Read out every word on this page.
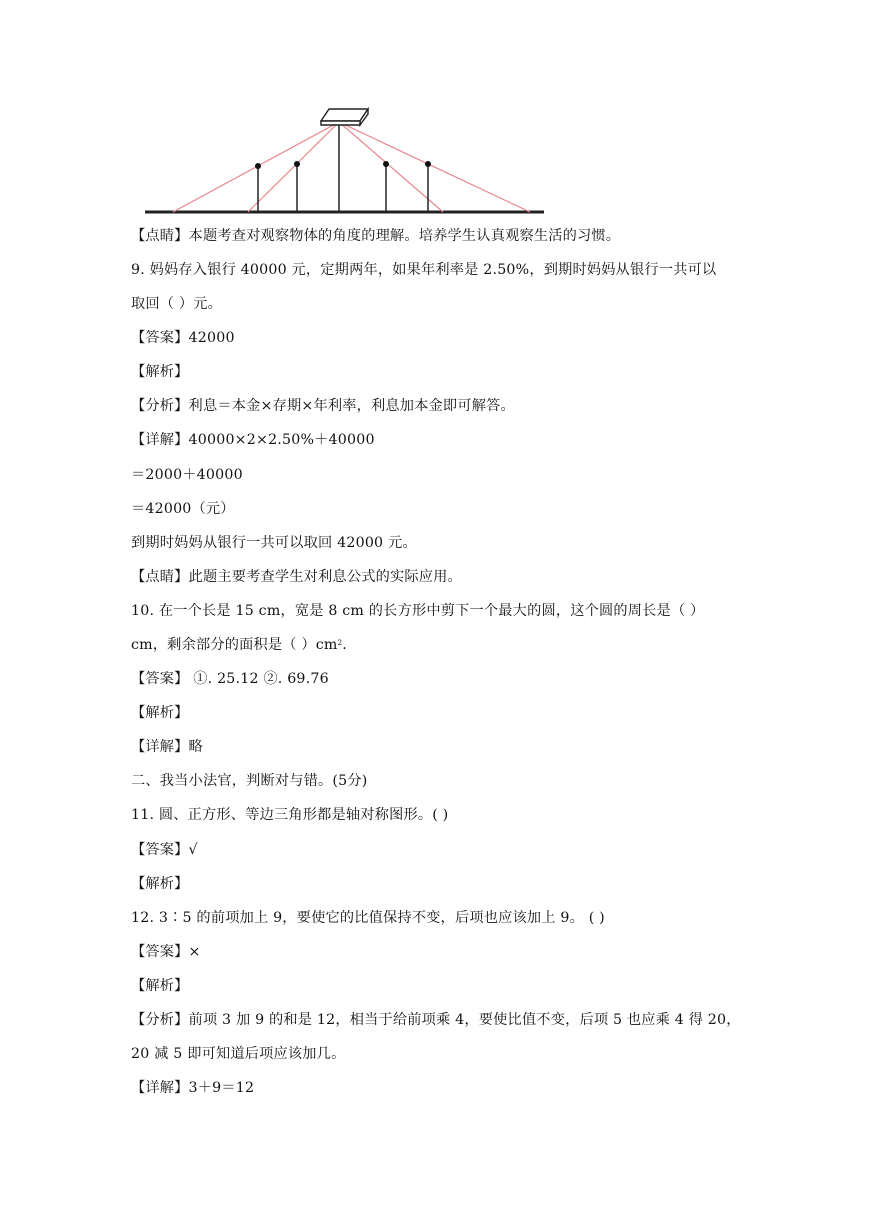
【点睛】本题考查对观察物体的角度的理解。培养学生认真观察生活的习惯。
9. 妈妈存入银行 40000 元，定期两年，如果年利率是 2.50%，到期时妈妈从银行一共可以
取回（ ）元。
【答案】42000
【解析】
【分析】利息＝本金×存期×年利率，利息加本金即可解答。
【详解】40000×2×2.50%＋40000
＝2000＋40000
＝42000（元）
到期时妈妈从银行一共可以取回 42000 元。
【点睛】此题主要考查学生对利息公式的实际应用。
10. 在一个长是 15 cm，宽是 8 cm 的长方形中剪下一个最大的圆，这个圆的周长是（ ）
cm，剩余部分的面积是（ ）$cm^2$.
【答案】 ①. 25.12 ②. 69.76
【解析】
【详解】略
二、我当小法官，判断对与错。(5分)
11. 圆、正方形、等边三角形都是轴对称图形。( )
【答案】√
【解析】
12. 3∶5 的前项加上 9，要使它的比值保持不变，后项也应该加上 9。 ( )
【答案】×
【解析】
【分析】前项 3 加 9 的和是 12，相当于给前项乘 4，要使比值不变，后项 5 也应乘 4 得 20，
20 减 5 即可知道后项应该加几。
【详解】3＋9＝12
